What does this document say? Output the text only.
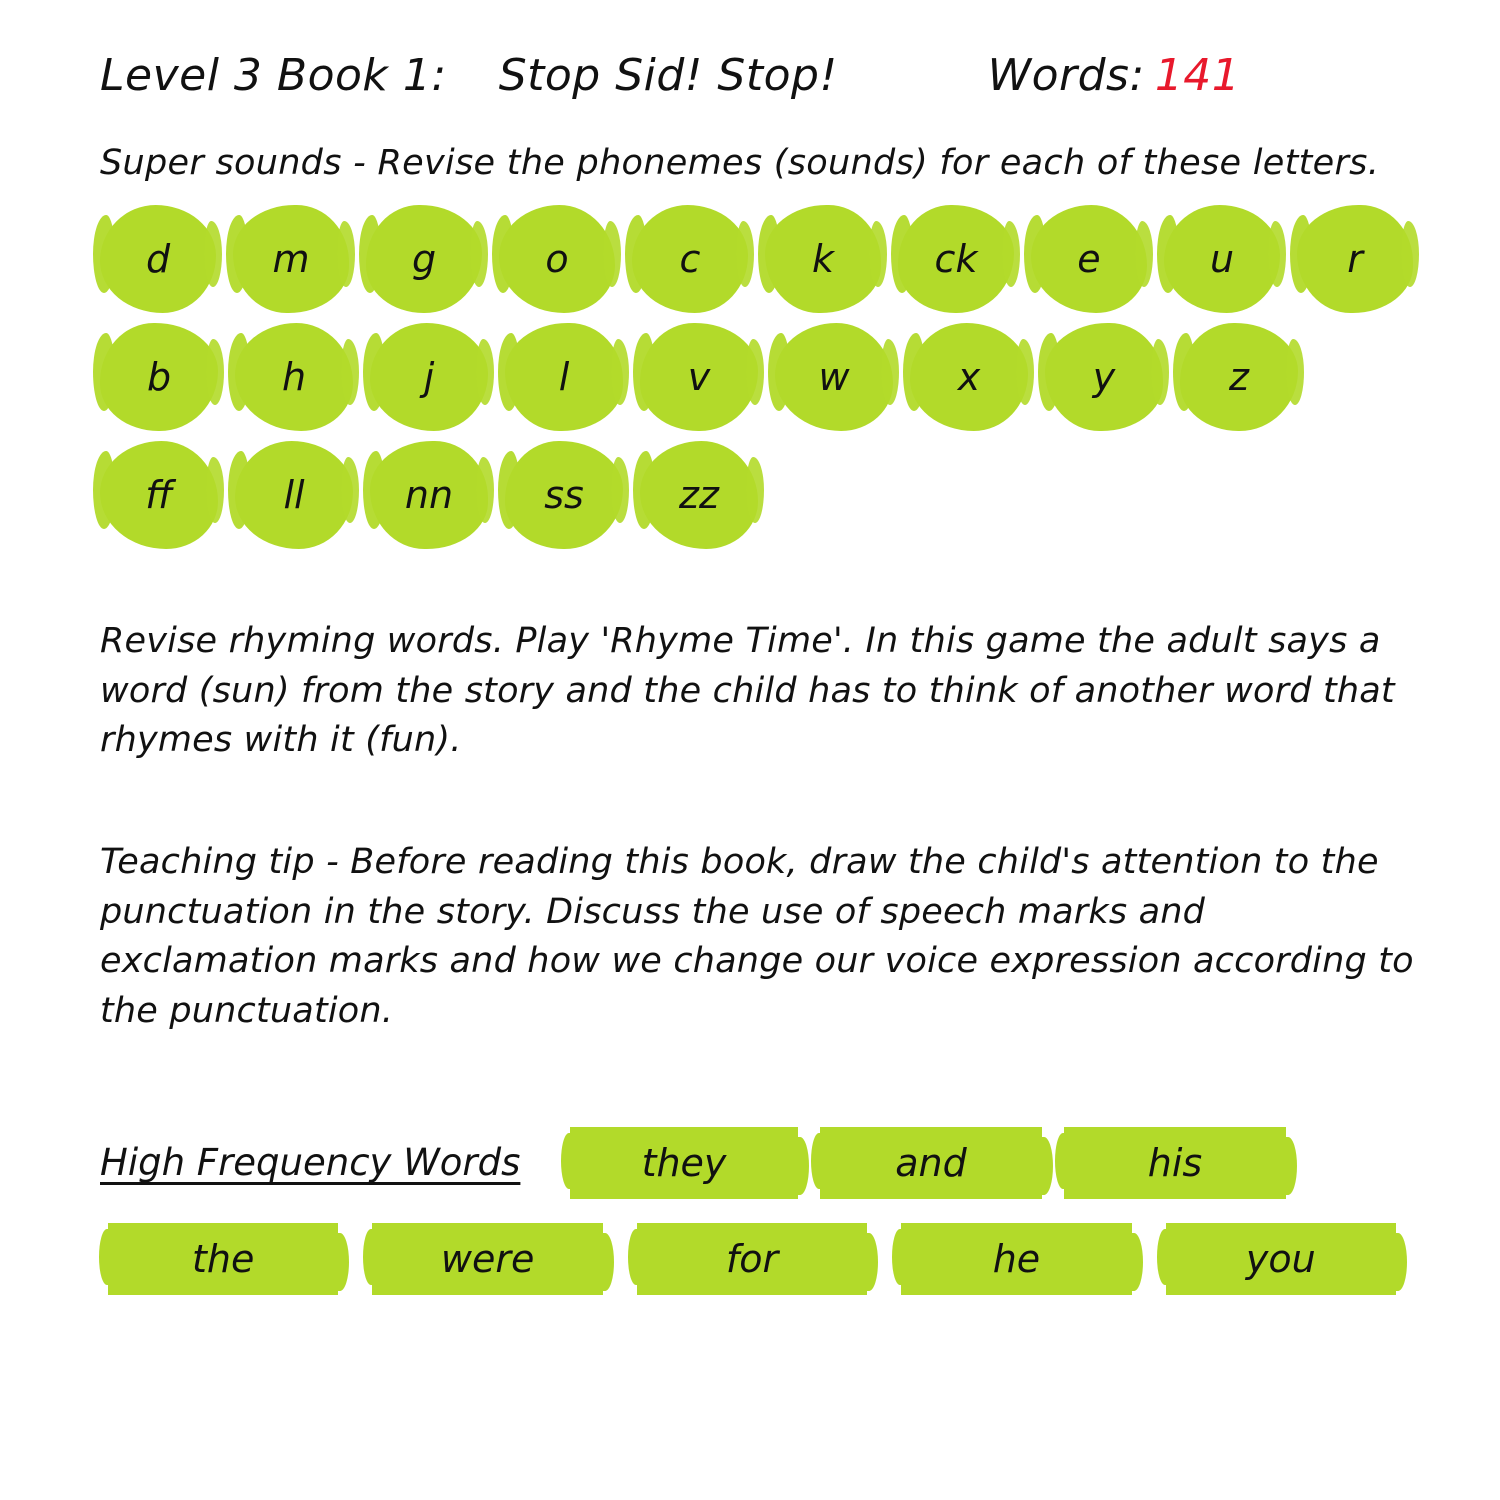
Level 3 Book 1: Stop Sid! Stop!	Words: 141
Super sounds - Revise the phonemes (sounds) for each of these letters.
d	m	g	o	c	k	ck	e	u	r
b	h	j	l	v	w	x	y	z
ff	ll	nn ss	zz
Revise rhyming words. Play 'Rhyme Time'. In this game the adult says a word (sun) from the story and the child has to think of another word that rhymes with it (fun).
Teaching tip - Before reading this book, draw the child's attention to the punctuation in the story. Discuss the use of speech marks and exclamation marks and how we change our voice expression according to the punctuation.
High Frequency Words	they	and	his
the	were	for	he	you
